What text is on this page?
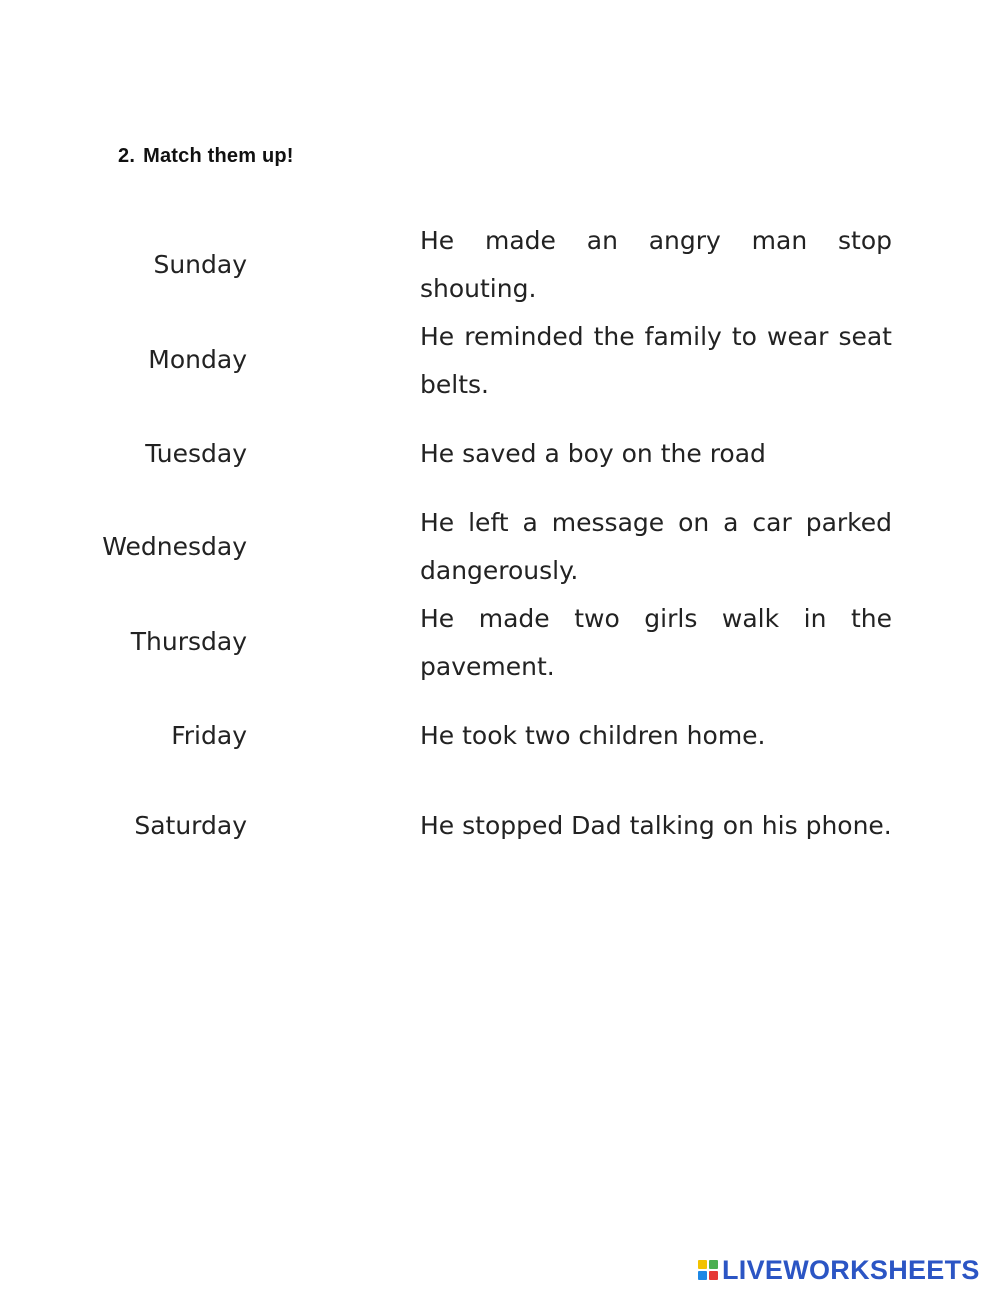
2. Match them up!
Sunday
Monday
Tuesday
Wednesday
Thursday
Friday
Saturday
He made an angry man stop shouting.
He reminded the family to wear seat belts.
He saved a boy on the road
He left a message on a car parked dangerously.
He made two girls walk in the pavement.
He took two children home.
He stopped Dad talking on his phone.
LIVEWORKSHEETS
